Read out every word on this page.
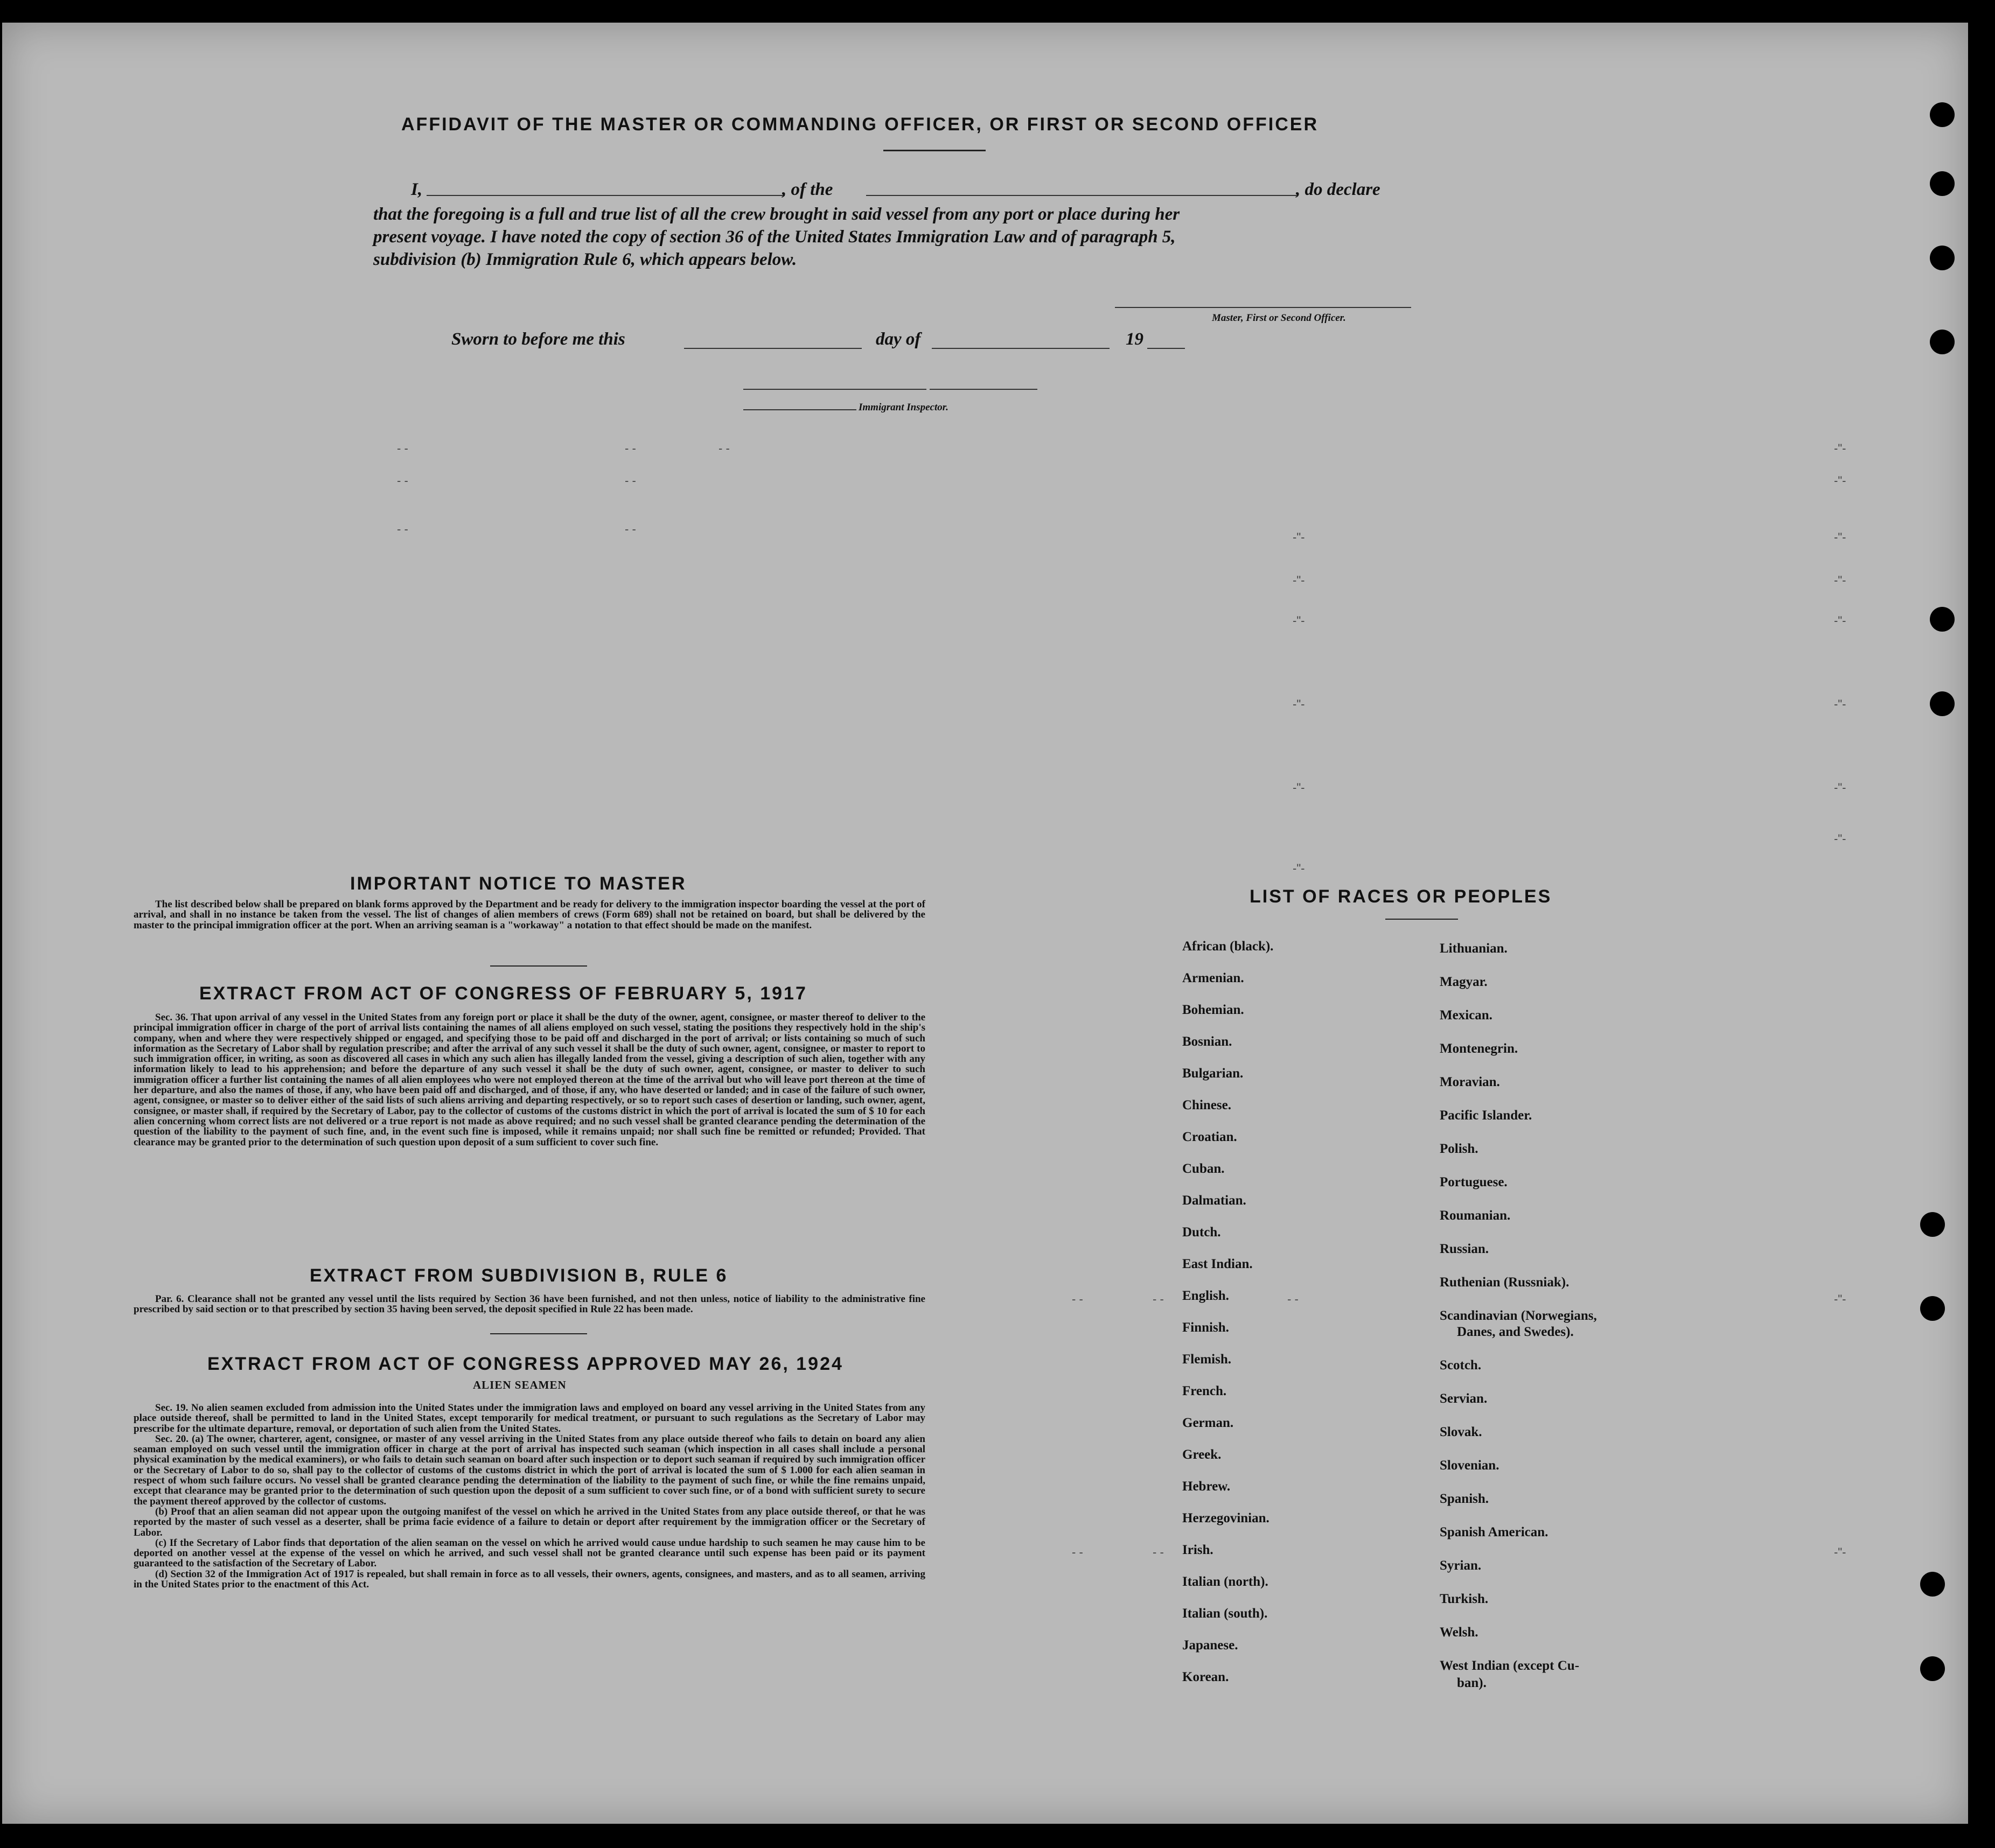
AFFIDAVIT OF THE MASTER OR COMMANDING OFFICER, OR FIRST OR SECOND OFFICER
I,	, of the	, do declare
that the foregoing is a full and true list of all the crew brought in said vessel from any port or place during her
present voyage. I have noted the copy of section 36 of the United States Immigration Law and of paragraph 5,
subdivision (b) Immigration Rule 6, which appears below.
Master, First or Second Officer.
Sworn to before me this	day of	19
Immigrant Inspector.
- -	- -	- -	-"-
- -	- -	-"-
- -	- -
-"-	-"-
-"-	-"-
-"-	-"-
-"-	-"-
-"-	-"-
-"-
-"-
IMPORTANT NOTICE TO MASTER

The list described below shall be prepared on blank forms approved by the Department and be ready for delivery to the immigration inspector boarding the vessel at the port of arrival, and shall in no instance be taken from the vessel. The list of changes of alien members of crews (Form 689) shall not be retained on board, but shall be delivered by the master to the principal immigration officer at the port. When an arriving seaman is a "workaway" a notation to that effect should be made on the manifest.

EXTRACT FROM ACT OF CONGRESS OF FEBRUARY 5, 1917

Sec. 36. That upon arrival of any vessel in the United States from any foreign port or place it shall be the duty of the owner, agent, consignee, or master thereof to deliver to the principal immigration officer in charge of the port of arrival lists containing the names of all aliens employed on such vessel, stating the positions they respectively hold in the ship's company, when and where they were respectively shipped or engaged, and specifying those to be paid off and discharged in the port of arrival; or lists containing so much of such information as the Secretary of Labor shall by regulation prescribe; and after the arrival of any such vessel it shall be the duty of such owner, agent, consignee, or master to report to such immigration officer, in writing, as soon as discovered all cases in which any such alien has illegally landed from the vessel, giving a description of such alien, together with any information likely to lead to his apprehension; and before the departure of any such vessel it shall be the duty of such owner, agent, consignee, or master to deliver to such immigration officer a further list containing the names of all alien employees who were not employed thereon at the time of the arrival but who will leave port thereon at the time of her departure, and also the names of those, if any, who have been paid off and discharged, and of those, if any, who have deserted or landed; and in case of the failure of such owner, agent, consignee, or master so to deliver either of the said lists of such aliens arriving and departing respectively, or so to report such cases of desertion or landing, such owner, agent, consignee, or master shall, if required by the Secretary of Labor, pay to the collector of customs of the customs district in which the port of arrival is located the sum of $ 10 for each alien concerning whom correct lists are not delivered or a true report is not made as above required; and no such vessel shall be granted clearance pending the determination of the question of the liability to the payment of such fine, and, in the event such fine is imposed, while it remains unpaid; nor shall such fine be remitted or refunded; Provided. That clearance may be granted prior to the determination of such question upon deposit of a sum sufficient to cover such fine.

EXTRACT FROM SUBDIVISION B, RULE 6

Par. 6. Clearance shall not be granted any vessel until the lists required by Section 36 have been furnished, and not then unless, notice of liability to the administrative fine prescribed by said section or to that prescribed by section 35 having been served, the deposit specified in Rule 22 has been made.

EXTRACT FROM ACT OF CONGRESS APPROVED MAY 26, 1924
ALIEN SEAMEN

Sec. 19. No alien seamen excluded from admission into the United States under the immigration laws and employed on board any vessel arriving in the United States from any place outside thereof, shall be permitted to land in the United States, except temporarily for medical treatment, or pursuant to such regulations as the Secretary of Labor may prescribe for the ultimate departure, removal, or deportation of such alien from the United States.

Sec. 20. (a) The owner, charterer, agent, consignee, or master of any vessel arriving in the United States from any place outside thereof who fails to detain on board any alien seaman employed on such vessel until the immigration officer in charge at the port of arrival has inspected such seaman (which inspection in all cases shall include a personal physical examination by the medical examiners), or who fails to detain such seaman on board after such inspection or to deport such seaman if required by such immigration officer or the Secretary of Labor to do so, shall pay to the collector of customs of the customs district in which the port of arrival is located the sum of $ 1.000 for each alien seaman in respect of whom such failure occurs. No vessel shall be granted clearance pending the determination of the liability to the payment of such fine, or while the fine remains unpaid, except that clearance may be granted prior to the determination of such question upon the deposit of a sum sufficient to cover such fine, or of a bond with sufficient surety to secure the payment thereof approved by the collector of customs.

(b) Proof that an alien seaman did not appear upon the outgoing manifest of the vessel on which he arrived in the United States from any place outside thereof, or that he was reported by the master of such vessel as a deserter, shall be prima facie evidence of a failure to detain or deport after requirement by the immigration officer or the Secretary of Labor.

(c) If the Secretary of Labor finds that deportation of the alien seaman on the vessel on which he arrived would cause undue hardship to such seamen he may cause him to be deported on another vessel at the expense of the vessel on which he arrived, and such vessel shall not be granted clearance until such expense has been paid or its payment guaranteed to the satisfaction of the Secretary of Labor.

(d) Section 32 of the Immigration Act of 1917 is repealed, but shall remain in force as to all vessels, their owners, agents, consignees, and masters, and as to all seamen, arriving in the United States prior to the enactment of this Act.

LIST OF RACES OR PEOPLES
African (black).
Armenian.
Bohemian.
Bosnian.
Bulgarian.
Chinese.
Croatian.
Cuban.
Dalmatian.
Dutch.
East Indian.
English.
Finnish.
Flemish.
French.
German.
Greek.
Hebrew.
Herzegovinian.
Irish.
Italian (north).
Italian (south).
Japanese.
Korean.
Lithuanian.
Magyar.
Mexican.
Montenegrin.
Moravian.
Pacific Islander.
Polish.
Portuguese.
Roumanian.
Russian.
Ruthenian (Russniak).
Scandinavian (Norwegians,
Danes, and Swedes).
Scotch.
Servian.
Slovak.
Slovenian.
Spanish.
Spanish American.
Syrian.
Turkish.
Welsh.
West Indian (except Cu-
ban).
- -	- -	- -	-"-
- -	- -	-"-
